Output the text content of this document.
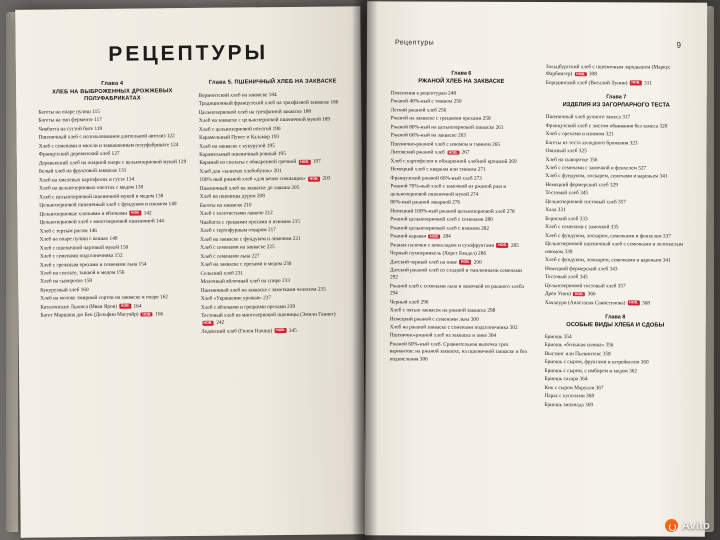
РЕЦЕПТУРЫ
Глава 4
ХЛЕБ НА ВЫБРОЖЕННЫХ ДРОЖЖЕВЫХ ПОЛУФАБРИКАТАХ
Багеты на опаре пулиш 115
Багеты на тип ферменте 117
Чиабатта на густой биге 119
Пшеничный хлеб с использованием длительной автолиз 122
Хлеб с семенами и мюсли и заквашенным полуфабрикате 124
Французский деревенский хлеб 127
Деревенский хлеб на опарной опаре с цельнозерновой мукой 129
Белый хлеб на фруктовой закваске 131
Хлеб на хмелевых картофелях и густе 134
Хлеб на цельнозерновых опелтах с медом 138
Хлеб с цельнозерновой пшеничной мукой и медом 138
Цельнозерновой пшеничный хлеб с фундуком и изюмом 140
Цельнозерновые хлопьями и яблоками НОВ. 142
Цельнозерновой хлеб с многозерновой пшеничной 144
Хлеб с тертым рисом 146
Хлеб на опаре пулиш с кешью 148
Хлеб с пшеничной чартовой мукой 150
Хлеб с семенами подсолнечника 152
Хлеб с гречаным орехами и семенами льна 154
Хлеб на спельте, тыквой и медом 156
Хлеб на сыворотке 158
Кукурузный хлеб 160
Хлеб на молоке тмирный сортов на закваске и опаре 162
Каталонские Льюиса (Иван Яров) НОВ. 164
Багет Маршана дю Бек (Дельфин Магуайр) НОВ. 166
Глава 5. ПШЕНИЧНЫЙ ХЛЕБ НА ЗАКВАСКЕ
Вермонтский хлеб на закваске 184
Традиционный французский хлеб на трехфазной закваске 186
Цельнозерновой хлеб на трехфазной закваске 188
Хлеб на закваске с цельнозерновой пшеничной мукой 189
Хлеб с цельнозерновой опелтой 190
Карамельный Пунет и Кальмар 193
Хлеб на закваске с кукурузой 195
Карамельный пшеничный ровный 195
Карамай из спельты с обжаренной гречной НОВ. 197
Хлеб для «залитых хлебобулок» 201
100% ный ржаной хлеб «для вечно спешащих» НОВ. 203
Пшеничный хлеб на закваске до лаваша 205
Хлеб на пшеницы дурум 208
Багеты на закваске 210
Хлеб с золотистыми лавкою 212
Чиабатта с грецкими орехами и изюмом 215
Хлеб с тертофурным отваром 217
Хлеб на закваске с фундуком и лимоном 221
Хлеб с семенами на закваске 225
Хлеб с семенами льна 227
Хлеб на закваске с орехами и медом 230
Сельский хлеб 231
Молочный яблочный хлеб на спире 233
Пшеничный хлеб на закваске с заметками челюхом 235
Хлеб «Украшение урожая» 237
Хлеб с яблоками и грецкими орехами 239
Тостовый хлеб из многозерновой пшеницы (Эмили Ганнет) НОВ. 242
Лодевский хлеб (Гилен Накиш) НОВ. 245
Рецептуры	9
Глава 6
РЖАНОЙ ХЛЕБ НА ЗАКВАСКЕ
Пояснения к рецептурам 248
Ржаной 40%-ный с тмином 250
Легкий ржаной хлеб 256
Ржаной на закваске с грецкими орехами 258
Ржаной 80%-ный на цельнозерновой закваске 261
Ржаной 66%-ный на закваске 263
Пшенично-ржаной хлеб с изюмом и тмином 265
Литовский ржаной хлеб НОВ. 267
Хлеб с картофелем и обжаренной хлебной крошкой 269
Немецкий хлеб с кваркам или тмином 271
Французский ржаной 66%-ный хлеб 273
Ржаной 70%-ный хлеб с замочкой из ржаной ржи и цельнозерновой пшеничной мукой 274
80%-ный ржаной заварной 276
Немецкий 100%-ный ржаной цельнозерновой хлеб 278
Ржаной цельнозерновой хлеб с семенами 280
Ржаной цельнозерновой хлеб с изюмом 282
Ржаной караваи НОВ. 284
Ржаная палочки с шоколадом и сухофруктами НОВ. 285
Черный пумперникель (Хорст Бандел) 286
Датский черный хлеб на пиве НОВ. 290
Датский ржаной хлеб со сладкой и тмиленными семенами 292
Ржаной хлеб с семенами льна и замочкой из ржаного хлеба 294
Черный хлеб 296
Хлеб с пятью заквасок на ржаной закваске 298
Немецкий ржаной с семенами льна 300
Хлеб на ржаной закваске с семенами подсолнечника 302
Пшенично-ржаной хлеб на закваске и пиве 304
Ржаной 60%-ный хлеб. Сравнительная выпечка трех вариантов: на ржаной закваске, на пшеничной закваске и без подкисления 306
Зальцбургский хлеб с пшеничным зародышем (Маркус Фарбингер) НОВ. 308
Бородинский хлеб (Виталий Лунин) НОВ. 311
Глава 7
ИЗДЕЛИЯ ИЗ ЗАГОРЛАРНОГО ТЕСТА
Пшеничный хлеб ручного замеса 317
Французский хлеб с листом обвивания без замеса 320
Хлеб с орехами и изюмом 321
Багеты из теста холодного брожения 323
Овсяный хлеб 325
Хлеб на сыворотке 356
Хлеб с семенами с замочкой и фенхелем 327
Хлеб с фундуком, лоскарем, семечами и вареньем 341
Немецкий фермерский хлеб 329
Тостовый хлеб 345
Цельнозерновой тостовый хлеб 357
Хала 331
Бернский хлеб 333
Хлеб с семенами с замочкой 335
Хлеб с фундуком, лоскарем, семечками и фенхелем 337
Цельнозерновой пшеничный хлеб с семечками и золотистым изюмом 339
Хлеб с фундуком, ложкарем, семечками и вареньем 341
Немецкий фермерский хлеб 343
Тостовый хлеб 345
Цельнозерновой тостовый хлеб 357
Дрён Уинк) НОВ. 366
Хачапури (Анастасия Савистунова) НОВ. 368
Глава 8
ОСОБЫЕ ВИДЫ ХЛЕБА И СДОБЫ
Бриошь 354
Бриошь «большая сковка» 356
Выстинг или Пьевинтекс 358
Бриошь с сыром, фруктами и штрейкелем 360
Бриошь с сыром, с имбирем и медом 362
Бриошь сахара 364
Кнк с сыром Маруали 367
Парас с куполами 368
Бриошь зипанада 369
Avito
